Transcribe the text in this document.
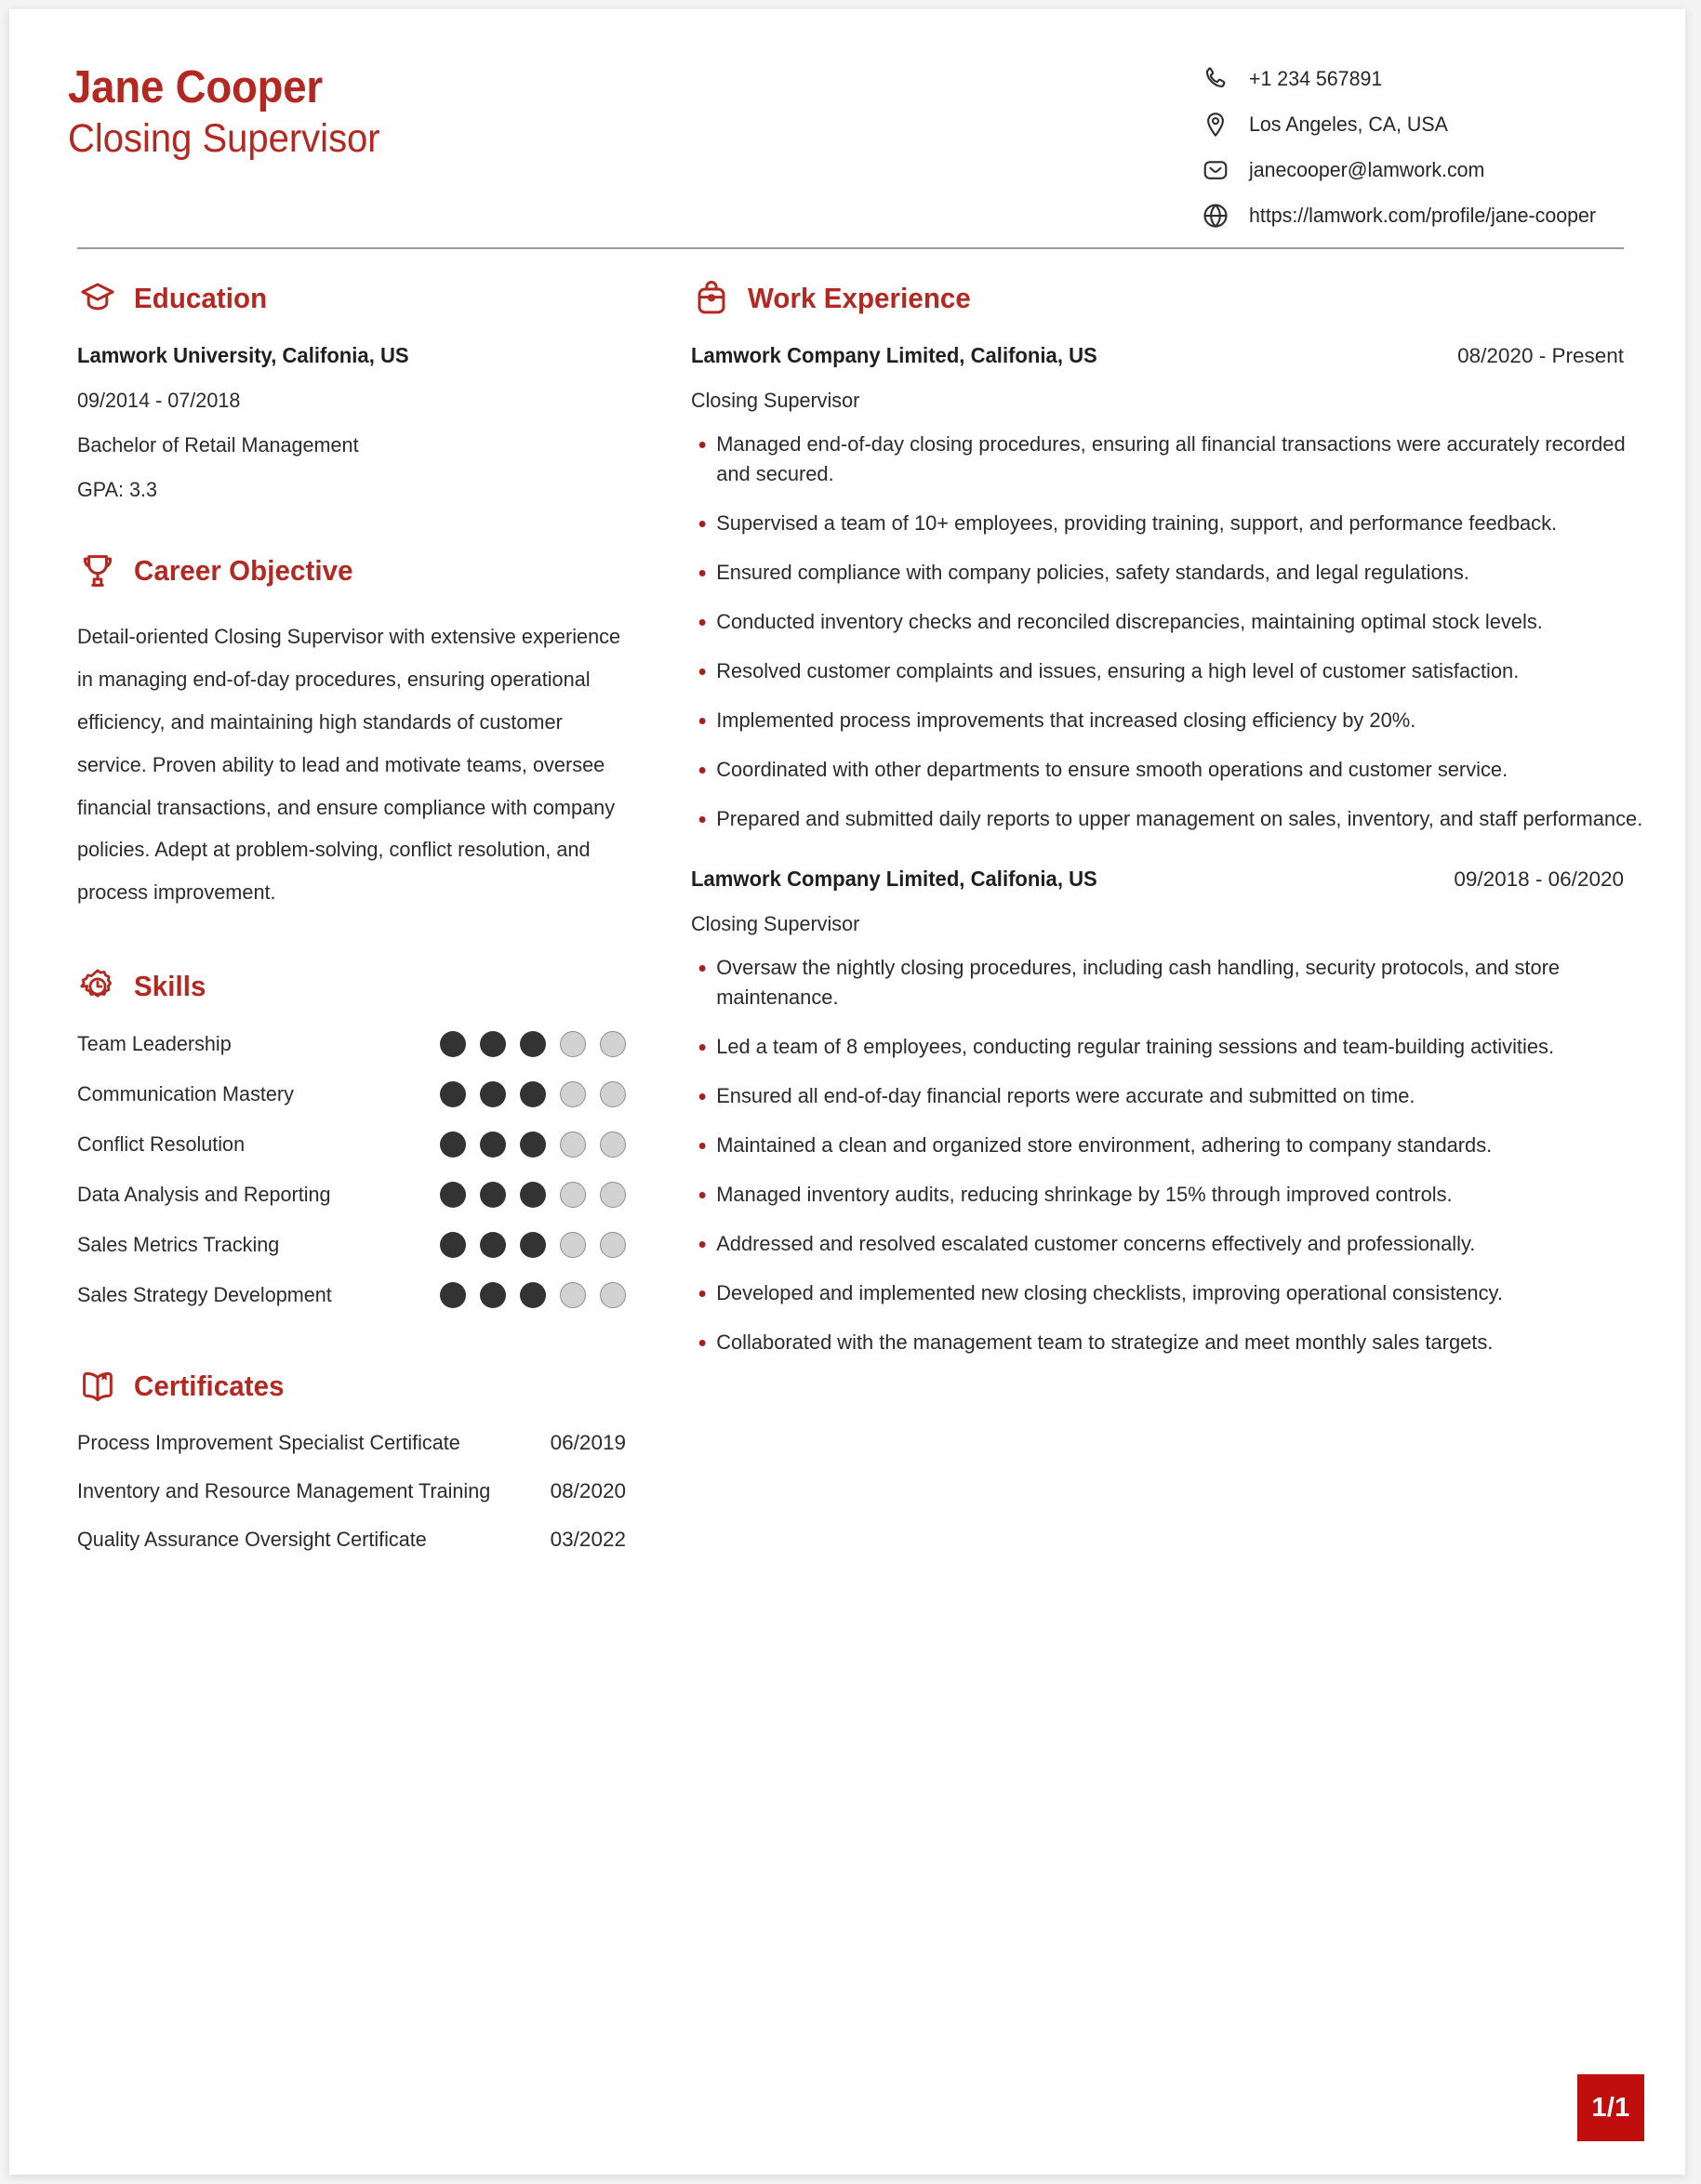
Jane Cooper
Closing Supervisor
+1 234 567891
Los Angeles, CA, USA
janecooper@lamwork.com
https://lamwork.com/profile/jane-cooper
Education
Lamwork University, Califonia, US
09/2014 - 07/2018
Bachelor of Retail Management
GPA: 3.3
Career Objective
Detail-oriented Closing Supervisor with extensive experience in managing end-of-day procedures, ensuring operational efficiency, and maintaining high standards of customer service. Proven ability to lead and motivate teams, oversee financial transactions, and ensure compliance with company policies. Adept at problem-solving, conflict resolution, and process improvement.
Skills
Team Leadership
Communication Mastery
Conflict Resolution
Data Analysis and Reporting
Sales Metrics Tracking
Sales Strategy Development
Certificates
Process Improvement Specialist Certificate	06/2019
Inventory and Resource Management Training	08/2020
Quality Assurance Oversight Certificate	03/2022
Work Experience
Lamwork Company Limited, Califonia, US	08/2020 - Present
Closing Supervisor
Managed end-of-day closing procedures, ensuring all financial transactions were accurately recorded and secured.
Supervised a team of 10+ employees, providing training, support, and performance feedback.
Ensured compliance with company policies, safety standards, and legal regulations.
Conducted inventory checks and reconciled discrepancies, maintaining optimal stock levels.
Resolved customer complaints and issues, ensuring a high level of customer satisfaction.
Implemented process improvements that increased closing efficiency by 20%.
Coordinated with other departments to ensure smooth operations and customer service.
Prepared and submitted daily reports to upper management on sales, inventory, and staff performance.
Lamwork Company Limited, Califonia, US	09/2018 - 06/2020
Closing Supervisor
Oversaw the nightly closing procedures, including cash handling, security protocols, and store maintenance.
Led a team of 8 employees, conducting regular training sessions and team-building activities.
Ensured all end-of-day financial reports were accurate and submitted on time.
Maintained a clean and organized store environment, adhering to company standards.
Managed inventory audits, reducing shrinkage by 15% through improved controls.
Addressed and resolved escalated customer concerns effectively and professionally.
Developed and implemented new closing checklists, improving operational consistency.
Collaborated with the management team to strategize and meet monthly sales targets.
1/1
